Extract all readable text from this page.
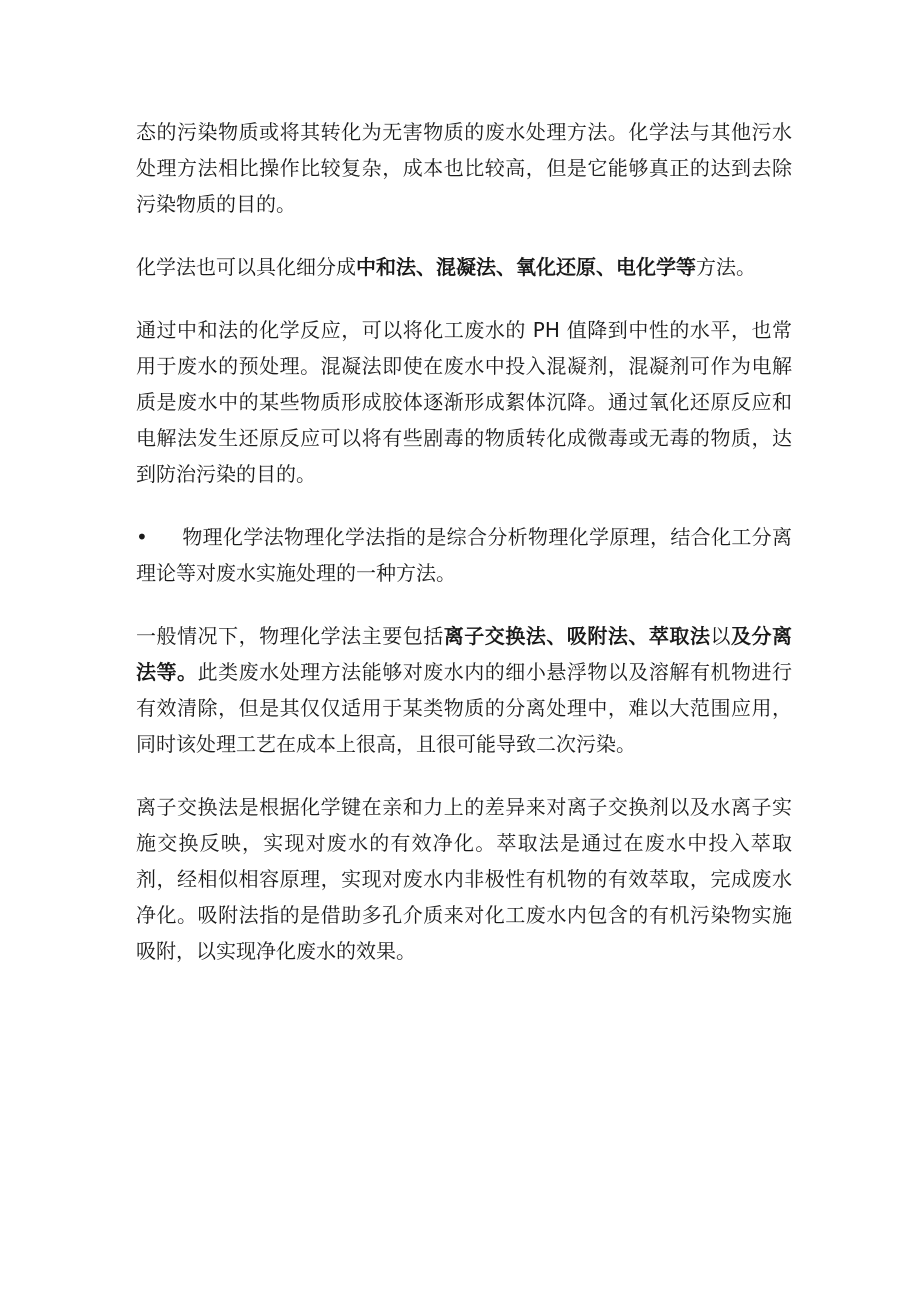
态的污染物质或将其转化为无害物质的废水处理方法。化学法与其他污水处理方法相比操作比较复杂，成本也比较高，但是它能够真正的达到去除污染物质的目的。

化学法也可以具化细分成中和法、混凝法、氧化还原、电化学等方法。

通过中和法的化学反应，可以将化工废水的 PH 值降到中性的水平，也常用于废水的预处理。混凝法即使在废水中投入混凝剂，混凝剂可作为电解质是废水中的某些物质形成胶体逐渐形成絮体沉降。通过氧化还原反应和电解法发生还原反应可以将有些剧毒的物质转化成微毒或无毒的物质，达到防治污染的目的。

• 物理化学法物理化学法指的是综合分析物理化学原理，结合化工分离理论等对废水实施处理的一种方法。

一般情况下，物理化学法主要包括离子交换法、吸附法、萃取法以及分离法等。此类废水处理方法能够对废水内的细小悬浮物以及溶解有机物进行有效清除，但是其仅仅适用于某类物质的分离处理中，难以大范围应用，同时该处理工艺在成本上很高，且很可能导致二次污染。

离子交换法是根据化学键在亲和力上的差异来对离子交换剂以及水离子实施交换反映，实现对废水的有效净化。萃取法是通过在废水中投入萃取剂，经相似相容原理，实现对废水内非极性有机物的有效萃取，完成废水净化。吸附法指的是借助多孔介质来对化工废水内包含的有机污染物实施吸附，以实现净化废水的效果。
